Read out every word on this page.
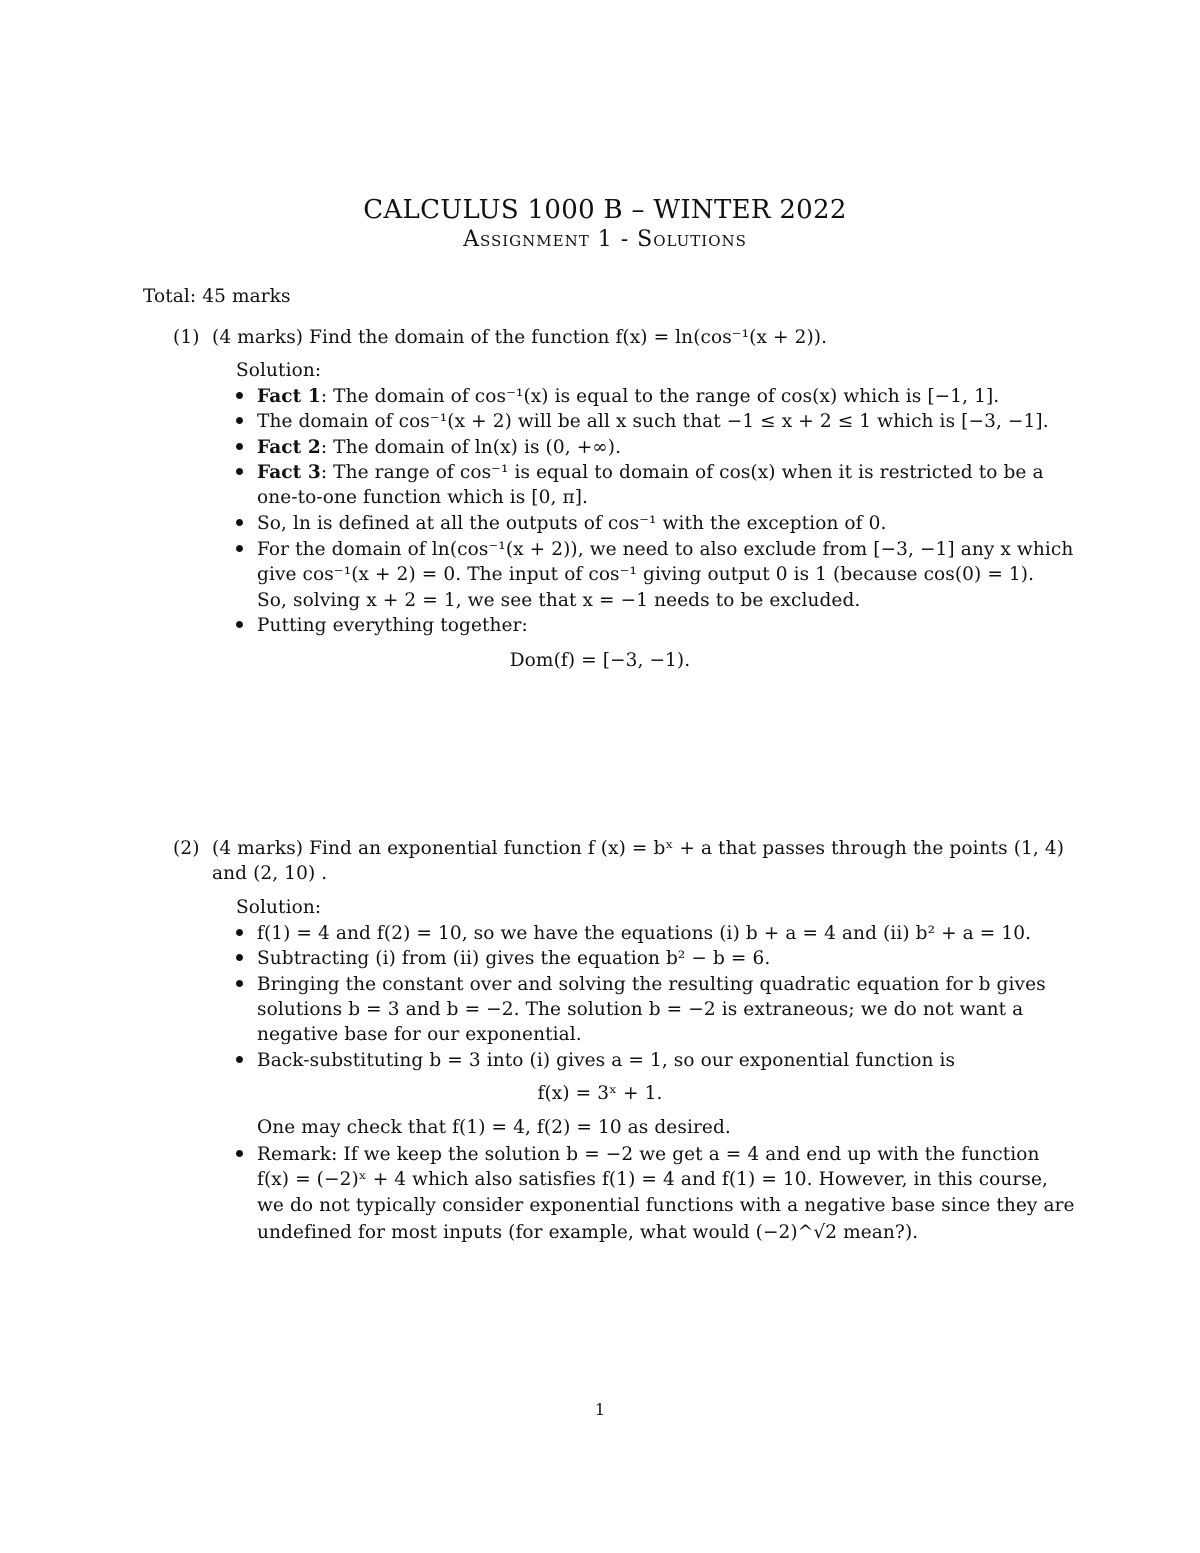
CALCULUS 1000 B – WINTER 2022
Assignment 1 - Solutions
Total: 45 marks
(1) (4 marks) Find the domain of the function f(x) = ln(cos⁻¹(x + 2)).
Solution:
Fact 1: The domain of cos⁻¹(x) is equal to the range of cos(x) which is [−1, 1].
The domain of cos⁻¹(x + 2) will be all x such that −1 ≤ x + 2 ≤ 1 which is [−3, −1].
Fact 2: The domain of ln(x) is (0, +∞).
Fact 3: The range of cos⁻¹ is equal to domain of cos(x) when it is restricted to be a
one-to-one function which is [0, π].
So, ln is defined at all the outputs of cos⁻¹ with the exception of 0.
For the domain of ln(cos⁻¹(x + 2)), we need to also exclude from [−3, −1] any x which
give cos⁻¹(x + 2) = 0. The input of cos⁻¹ giving output 0 is 1 (because cos(0) = 1).
So, solving x + 2 = 1, we see that x = −1 needs to be excluded.
Putting everything together:
Dom(f) = [−3, −1).
(2) (4 marks) Find an exponential function f (x) = bˣ + a that passes through the points (1, 4)
and (2, 10) .
Solution:
f(1) = 4 and f(2) = 10, so we have the equations (i) b + a = 4 and (ii) b² + a = 10.
Subtracting (i) from (ii) gives the equation b² − b = 6.
Bringing the constant over and solving the resulting quadratic equation for b gives
solutions b = 3 and b = −2. The solution b = −2 is extraneous; we do not want a
negative base for our exponential.
Back-substituting b = 3 into (i) gives a = 1, so our exponential function is
f(x) = 3ˣ + 1.
One may check that f(1) = 4, f(2) = 10 as desired.
Remark: If we keep the solution b = −2 we get a = 4 and end up with the function
f(x) = (−2)ˣ + 4 which also satisfies f(1) = 4 and f(1) = 10. However, in this course,
we do not typically consider exponential functions with a negative base since they are
undefined for most inputs (for example, what would (−2)^√2 mean?).
1
